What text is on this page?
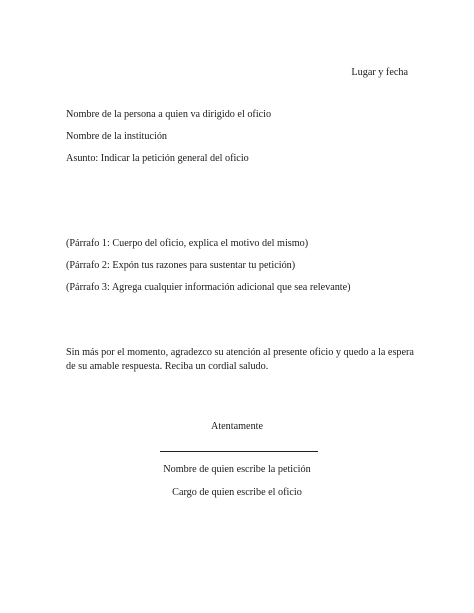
Lugar y fecha
Nombre de la persona a quien va dirigido el oficio
Nombre de la institución
Asunto: Indicar la petición general del oficio
(Párrafo 1: Cuerpo del oficio, explica el motivo del mismo)
(Párrafo 2: Expón tus razones para sustentar tu petición)
(Párrafo 3: Agrega cualquier información adicional que sea relevante)
Sin más por el momento, agradezco su atención al presente oficio y quedo a la espera de su amable respuesta. Reciba un cordial saludo.
Atentamente
Nombre de quien escribe la petición
Cargo de quien escribe el oficio
